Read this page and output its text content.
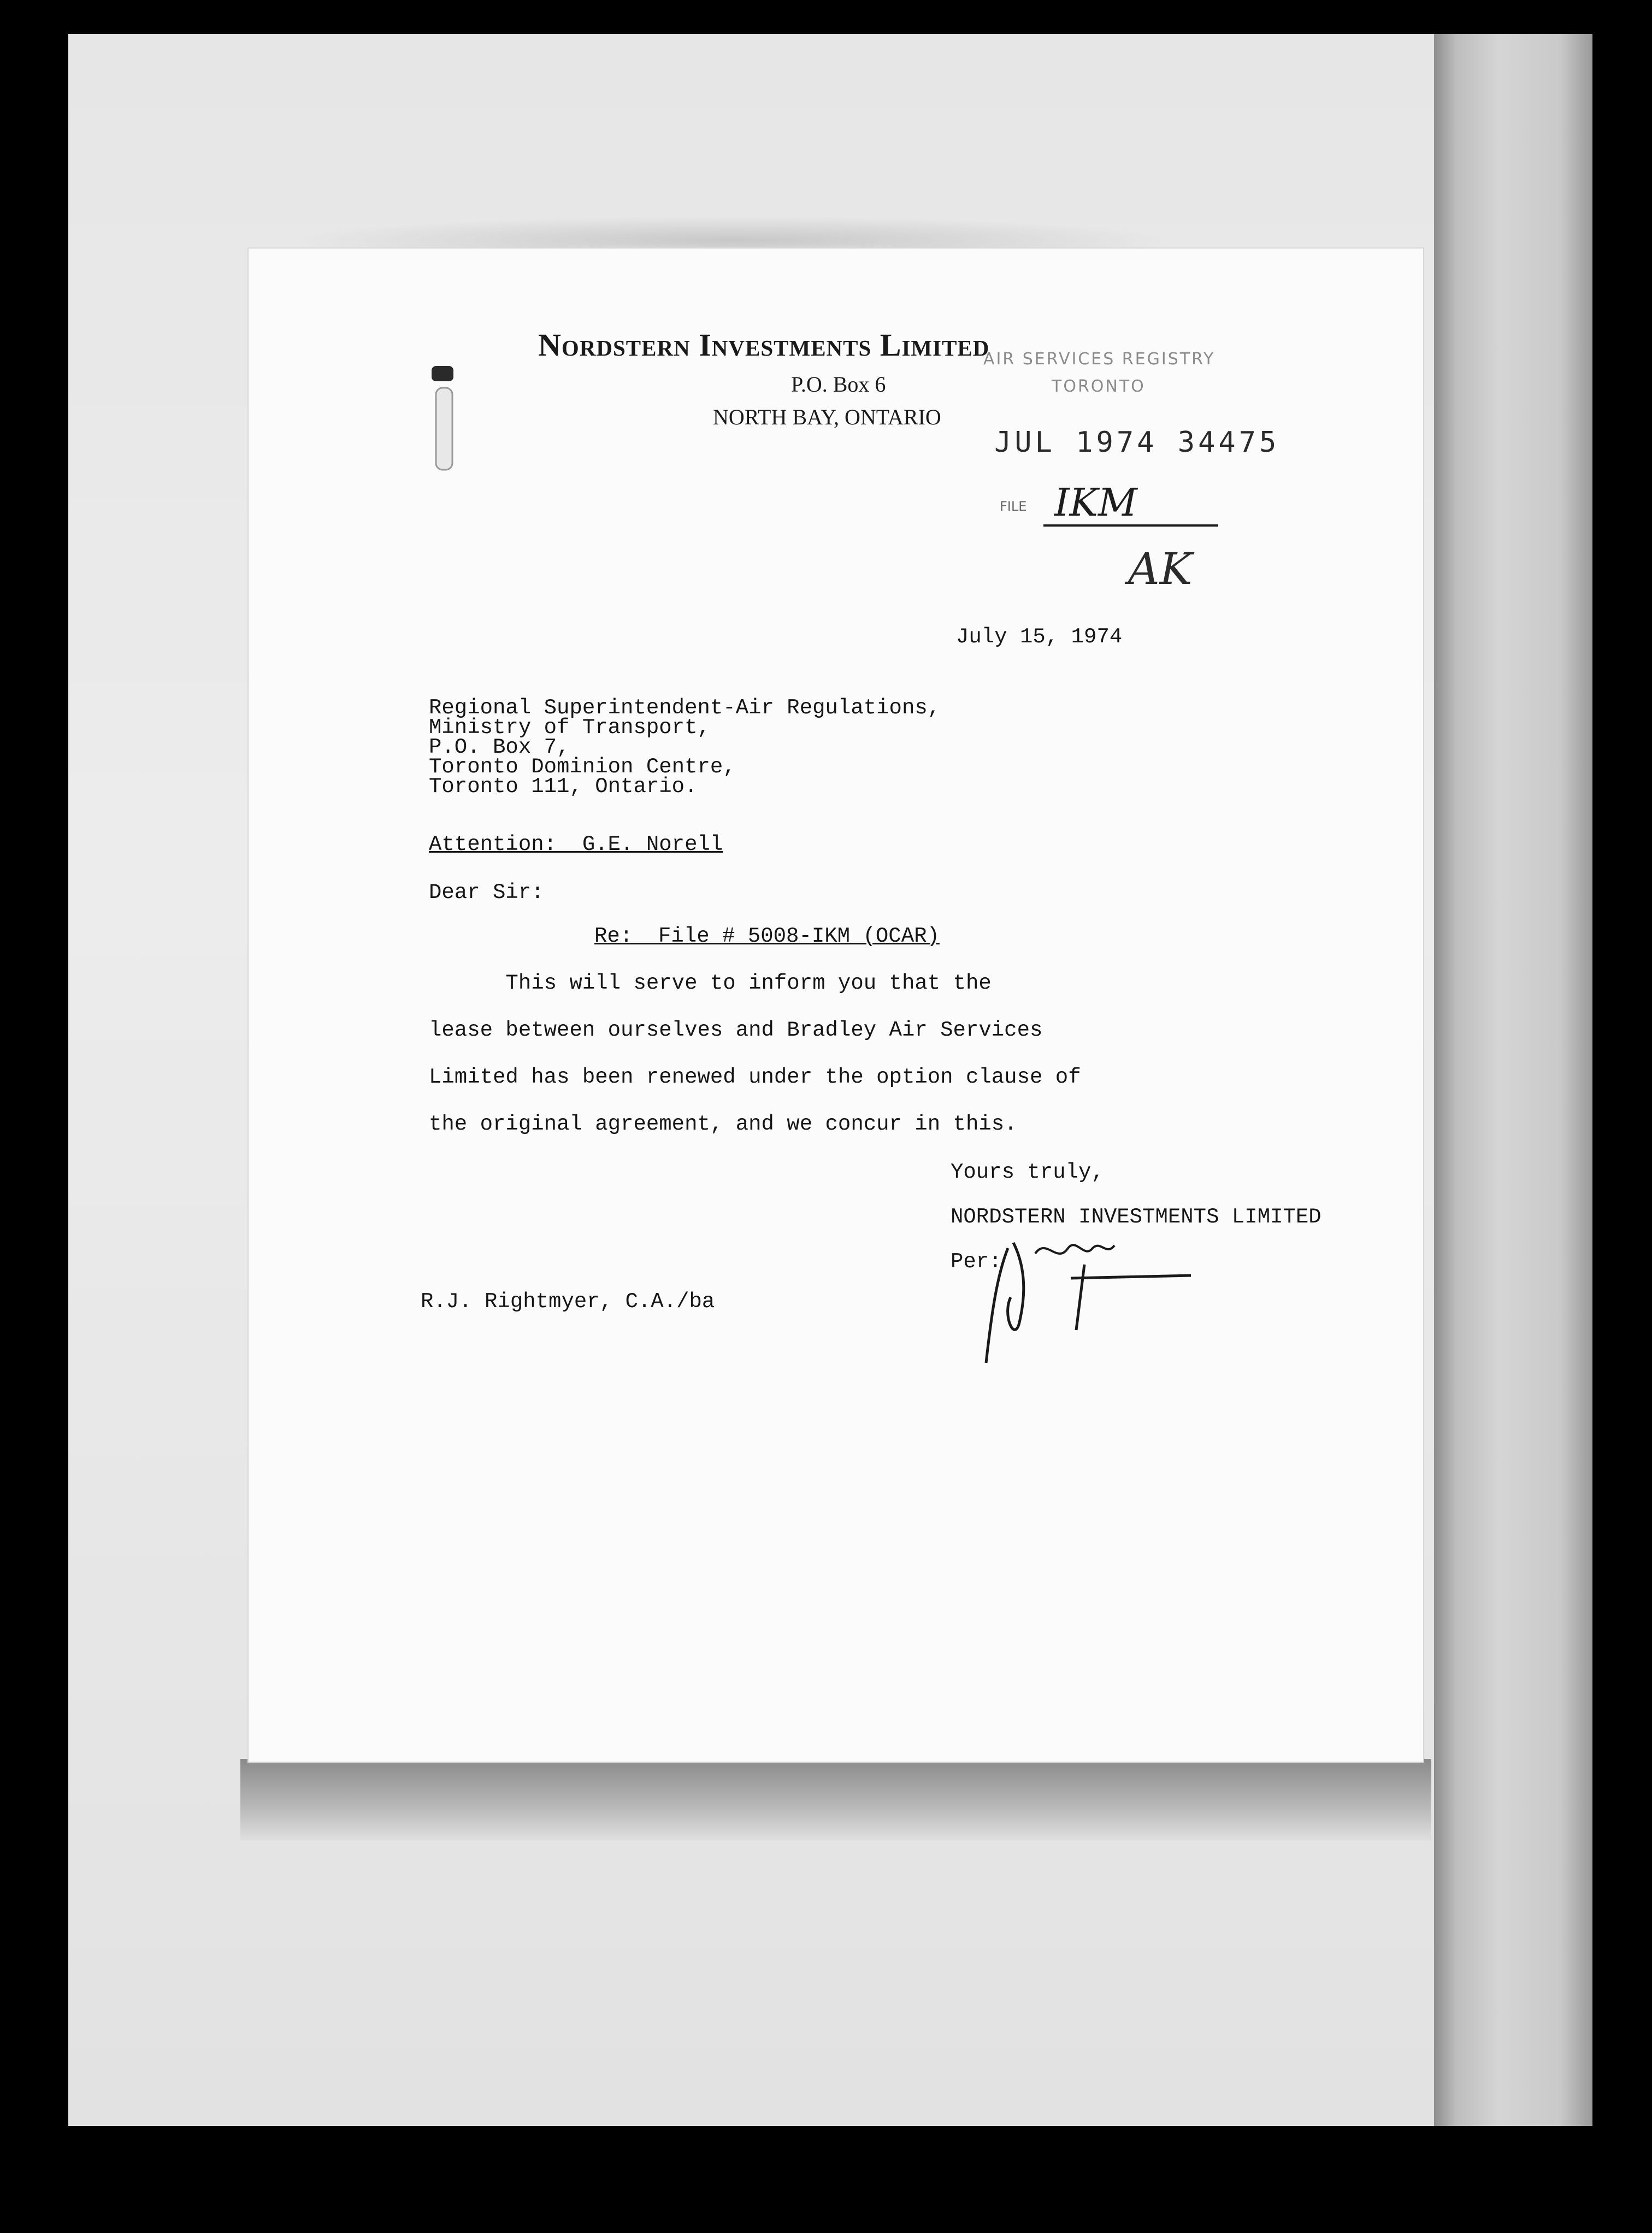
Nordstern Investments Limited
P.O. Box 6
NORTH BAY, ONTARIO
AIR SERVICES REGISTRY
TORONTO
JUL 1974 34475
FILE IKM
AK
July 15, 1974
Regional Superintendent-Air Regulations,
Ministry of Transport,
P.O. Box 7,
Toronto Dominion Centre,
Toronto 111, Ontario.
Attention:  G.E. Norell
Dear Sir:
Re:  File # 5008-IKM (OCAR)
This will serve to inform you that the
lease between ourselves and Bradley Air Services
Limited has been renewed under the option clause of
the original agreement, and we concur in this.
Yours truly,
NORDSTERN INVESTMENTS LIMITED
Per:
R.J. Rightmyer, C.A./ba
